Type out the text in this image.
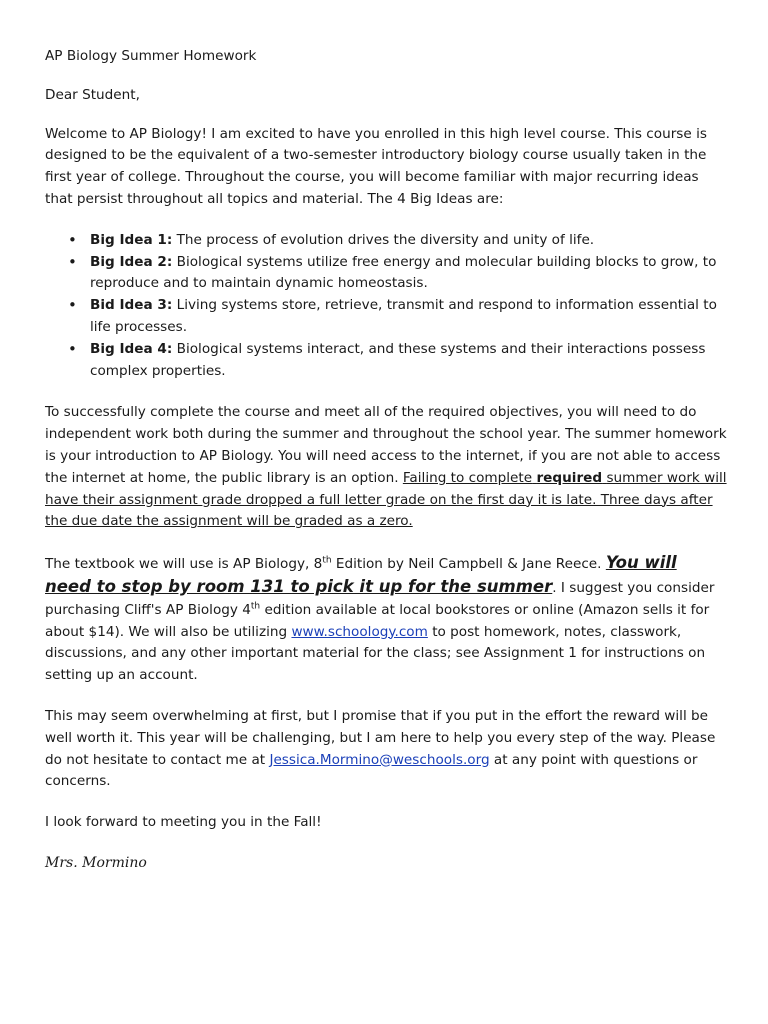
AP Biology Summer Homework

Dear Student,

Welcome to AP Biology! I am excited to have you enrolled in this high level course. This course is designed to be the equivalent of a two-semester introductory biology course usually taken in the first year of college. Throughout the course, you will become familiar with major recurring ideas that persist throughout all topics and material. The 4 Big Ideas are:

• Big Idea 1: The process of evolution drives the diversity and unity of life.
• Big Idea 2: Biological systems utilize free energy and molecular building blocks to grow, to reproduce and to maintain dynamic homeostasis.
• Bid Idea 3: Living systems store, retrieve, transmit and respond to information essential to life processes.
• Big Idea 4: Biological systems interact, and these systems and their interactions possess complex properties.

To successfully complete the course and meet all of the required objectives, you will need to do independent work both during the summer and throughout the school year. The summer homework is your introduction to AP Biology. You will need access to the internet, if you are not able to access the internet at home, the public library is an option. Failing to complete required summer work will have their assignment grade dropped a full letter grade on the first day it is late. Three days after the due date the assignment will be graded as a zero.

The textbook we will use is AP Biology, 8th Edition by Neil Campbell & Jane Reece. You will need to stop by room 131 to pick it up for the summer. I suggest you consider purchasing Cliff's AP Biology 4th edition available at local bookstores or online (Amazon sells it for about $14). We will also be utilizing www.schoology.com to post homework, notes, classwork, discussions, and any other important material for the class; see Assignment 1 for instructions on setting up an account.

This may seem overwhelming at first, but I promise that if you put in the effort the reward will be well worth it. This year will be challenging, but I am here to help you every step of the way. Please do not hesitate to contact me at Jessica.Mormino@weschools.org at any point with questions or concerns.

I look forward to meeting you in the Fall!

Mrs. Mormino
